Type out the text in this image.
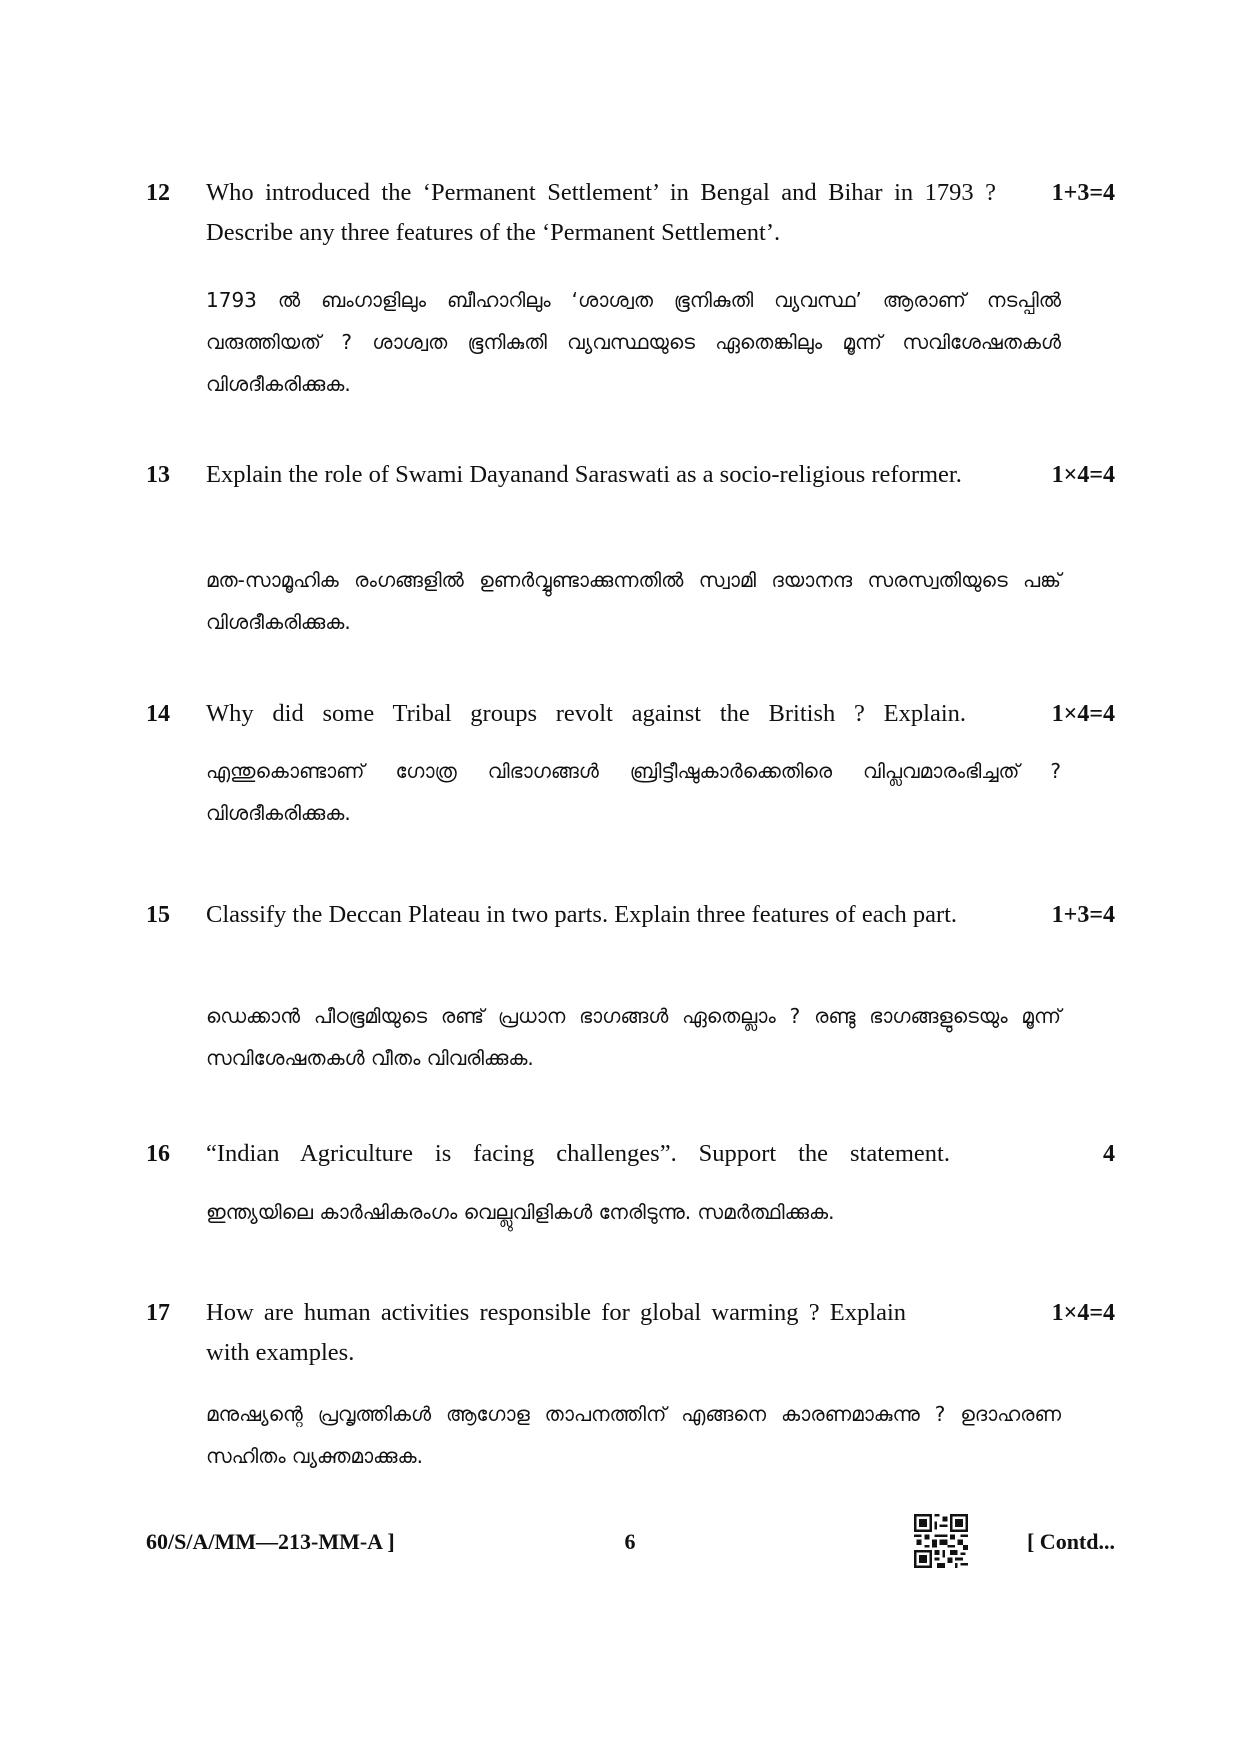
12 Who introduced the ‘Permanent Settlement’ in Bengal and Bihar in 1793 ? Describe any three features of the ‘Permanent Settlement’.
1+3=4
1793 ൽ ബംഗാളിലും ബീഹാറിലും ‘ശാശ്വത ഭൂനികുതി വ്യവസ്ഥ’ ആരാണ് നടപ്പിൽ വരുത്തിയത് ? ശാശ്വത ഭൂനികുതി വ്യവസ്ഥയുടെ ഏതെങ്കിലും മൂന്ന് സവിശേഷതകൾ വിശദീകരിക്കുക.
13 Explain the role of Swami Dayanand Saraswati as a socio-religious reformer.	1×4=4
മത-സാമൂഹിക രംഗങ്ങളിൽ ഉണർവ്വുണ്ടാക്കുന്നതിൽ സ്വാമി ദയാനന്ദ സരസ്വതിയുടെ പങ്ക് വിശദീകരിക്കുക.
14 Why did some Tribal groups revolt against the British ? Explain.	1×4=4
എന്തുകൊണ്ടാണ് ഗോത്ര വിഭാഗങ്ങൾ ബ്രിട്ടീഷുകാർക്കെതിരെ വിപ്ലവമാരംഭിച്ചത് ? വിശദീകരിക്കുക.
15 Classify the Deccan Plateau in two parts. Explain three features of each part.	1+3=4
ഡെക്കാൻ പീഠഭൂമിയുടെ രണ്ട് പ്രധാന ഭാഗങ്ങൾ ഏതെല്ലാം ? രണ്ടു ഭാഗങ്ങളുടെയും മൂന്ന് സവിശേഷതകൾ വീതം വിവരിക്കുക.
16 “Indian Agriculture is facing challenges”. Support the statement.	4
ഇന്ത്യയിലെ കാർഷികരംഗം വെല്ലുവിളികൾ നേരിടുന്നു. സമർത്ഥിക്കുക.
17 How are human activities responsible for global warming ? Explain with examples.
1×4=4
മനുഷ്യന്റെ പ്രവൃത്തികൾ ആഗോള താപനത്തിന് എങ്ങനെ കാരണമാകുന്നു ? ഉദാഹരണ സഹിതം വ്യക്തമാക്കുക.
60/S/A/MM—213-MM-A ]	6	[ Contd...
